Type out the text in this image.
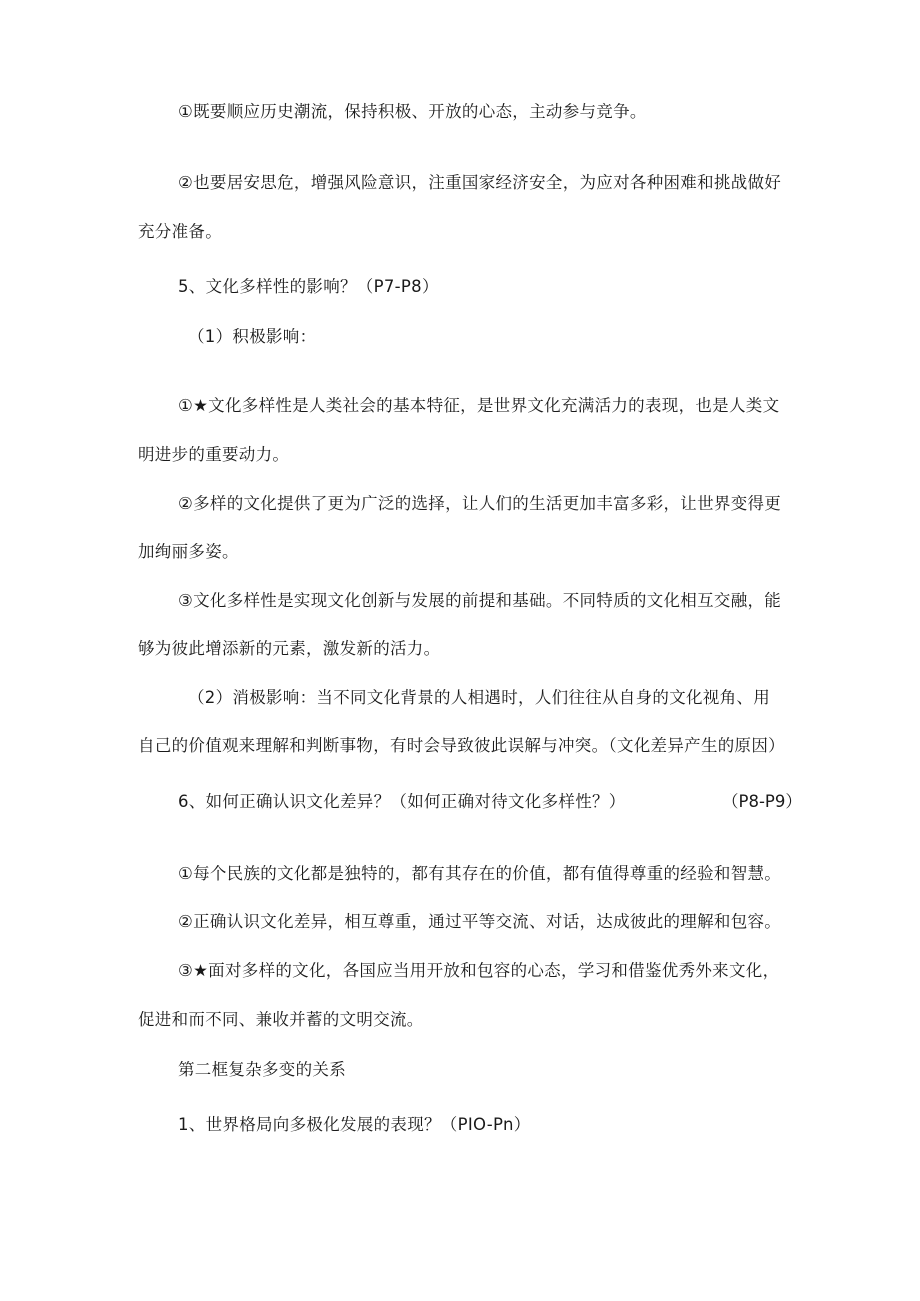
①既要顺应历史潮流，保持积极、开放的心态，主动参与竞争。
②也要居安思危，增强风险意识，注重国家经济安全，为应对各种困难和挑战做好
充分准备。
5、文化多样性的影响？（P7-P8）
（1）积极影响：
①★文化多样性是人类社会的基本特征，是世界文化充满活力的表现，也是人类文
明进步的重要动力。
②多样的文化提供了更为广泛的选择，让人们的生活更加丰富多彩，让世界变得更
加绚丽多姿。
③文化多样性是实现文化创新与发展的前提和基础。不同特质的文化相互交融，能
够为彼此增添新的元素，激发新的活力。
（2）消极影响：当不同文化背景的人相遇时，人们往往从自身的文化视角、用
自己的价值观来理解和判断事物，有时会导致彼此误解与冲突。（文化差异产生的原因）
6、如何正确认识文化差异？（如何正确对待文化多样性？）	（P8-P9）
①每个民族的文化都是独特的，都有其存在的价值，都有值得尊重的经验和智慧。
②正确认识文化差异，相互尊重，通过平等交流、对话，达成彼此的理解和包容。
③★面对多样的文化，各国应当用开放和包容的心态，学习和借鉴优秀外来文化，
促进和而不同、兼收并蓄的文明交流。
第二框复杂多变的关系
1、世界格局向多极化发展的表现？（PIO-Pn）
